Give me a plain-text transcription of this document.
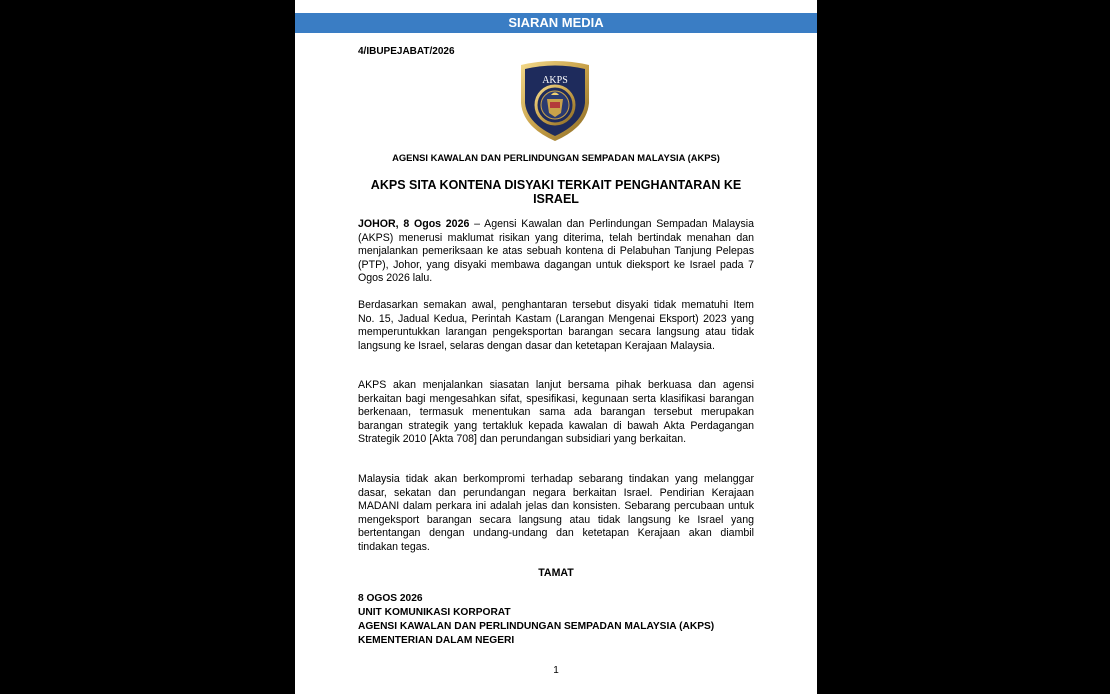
SIARAN MEDIA
4/IBUPEJABAT/2026
AKPS
AGENSI KAWALAN DAN PERLINDUNGAN SEMPADAN MALAYSIA (AKPS)
AKPS SITA KONTENA DISYAKI TERKAIT PENGHANTARAN KE ISRAEL

JOHOR, 8 Ogos 2026 – Agensi Kawalan dan Perlindungan Sempadan Malaysia (AKPS) menerusi maklumat risikan yang diterima, telah bertindak menahan dan menjalankan pemeriksaan ke atas sebuah kontena di Pelabuhan Tanjung Pelepas (PTP), Johor, yang disyaki membawa dagangan untuk dieksport ke Israel pada 7 Ogos 2026 lalu.

Berdasarkan semakan awal, penghantaran tersebut disyaki tidak mematuhi Item No. 15, Jadual Kedua, Perintah Kastam (Larangan Mengenai Eksport) 2023 yang memperuntukkan larangan pengeksportan barangan secara langsung atau tidak langsung ke Israel, selaras dengan dasar dan ketetapan Kerajaan Malaysia.

AKPS akan menjalankan siasatan lanjut bersama pihak berkuasa dan agensi berkaitan bagi mengesahkan sifat, spesifikasi, kegunaan serta klasifikasi barangan berkenaan, termasuk menentukan sama ada barangan tersebut merupakan barangan strategik yang tertakluk kepada kawalan di bawah Akta Perdagangan Strategik 2010 [Akta 708] dan perundangan subsidiari yang berkaitan.

Malaysia tidak akan berkompromi terhadap sebarang tindakan yang melanggar dasar, sekatan dan perundangan negara berkaitan Israel. Pendirian Kerajaan MADANI dalam perkara ini adalah jelas dan konsisten. Sebarang percubaan untuk mengeksport barangan secara langsung atau tidak langsung ke Israel yang bertentangan dengan undang-undang dan ketetapan Kerajaan akan diambil tindakan tegas.

TAMAT
8 OGOS 2026
UNIT KOMUNIKASI KORPORAT
AGENSI KAWALAN DAN PERLINDUNGAN SEMPADAN MALAYSIA (AKPS)
KEMENTERIAN DALAM NEGERI
1
